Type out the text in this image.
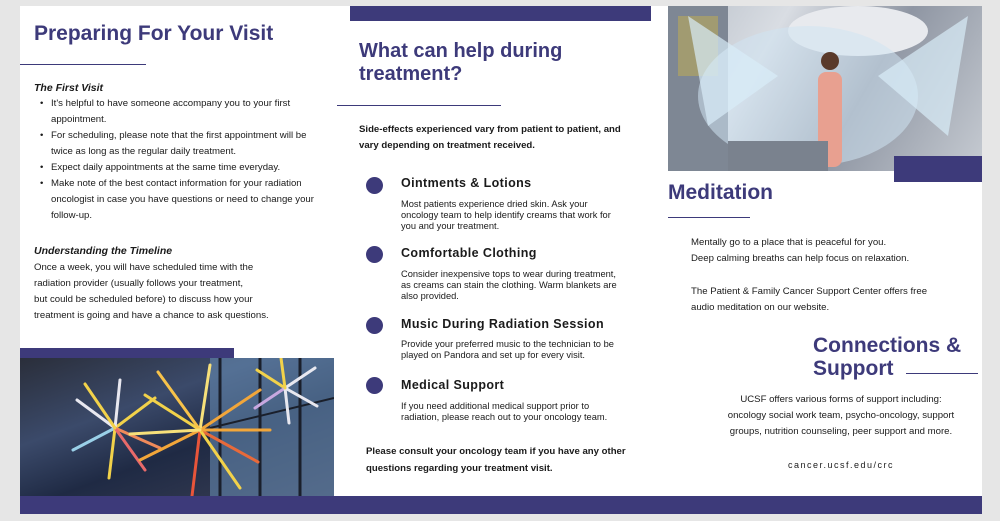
Preparing For Your Visit
The First Visit
• It's helpful to have someone accompany you to your first appointment.
• For scheduling, please note that the first appointment will be twice as long as the regular daily treatment.
• Expect daily appointments at the same time everyday.
• Make note of the best contact information for your radiation oncologist in case you have questions or need to change your follow-up.
Understanding the Timeline
Once a week, you will have scheduled time with the
radiation provider (usually follows your treatment,
but could be scheduled before) to discuss how your
treatment is going and have a chance to ask questions.
What can help during treatment?
Side-effects experienced vary from patient to patient, and vary depending on treatment received.
Ointments & Lotions
Most patients experience dried skin. Ask your oncology team to help identify creams that work for you and your treatment.
Comfortable Clothing
Consider inexpensive tops to wear during treatment, as creams can stain the clothing. Warm blankets are also provided.
Music During Radiation Session
Provide your preferred music to the technician to be played on Pandora and set up for every visit.
Medical Support
If you need additional medical support prior to radiation, please reach out to your oncology team.
Please consult your oncology team if you have any other questions regarding your treatment visit.
Meditation
Mentally go to a place that is peaceful for you.
Deep calming breaths can help focus on relaxation.
The Patient & Family Cancer Support Center offers free
audio meditation on our website.
Connections &
Support
UCSF offers various forms of support including:
oncology social work team, psycho-oncology, support
groups, nutrition counseling, peer support and more.
cancer.ucsf.edu/crc
